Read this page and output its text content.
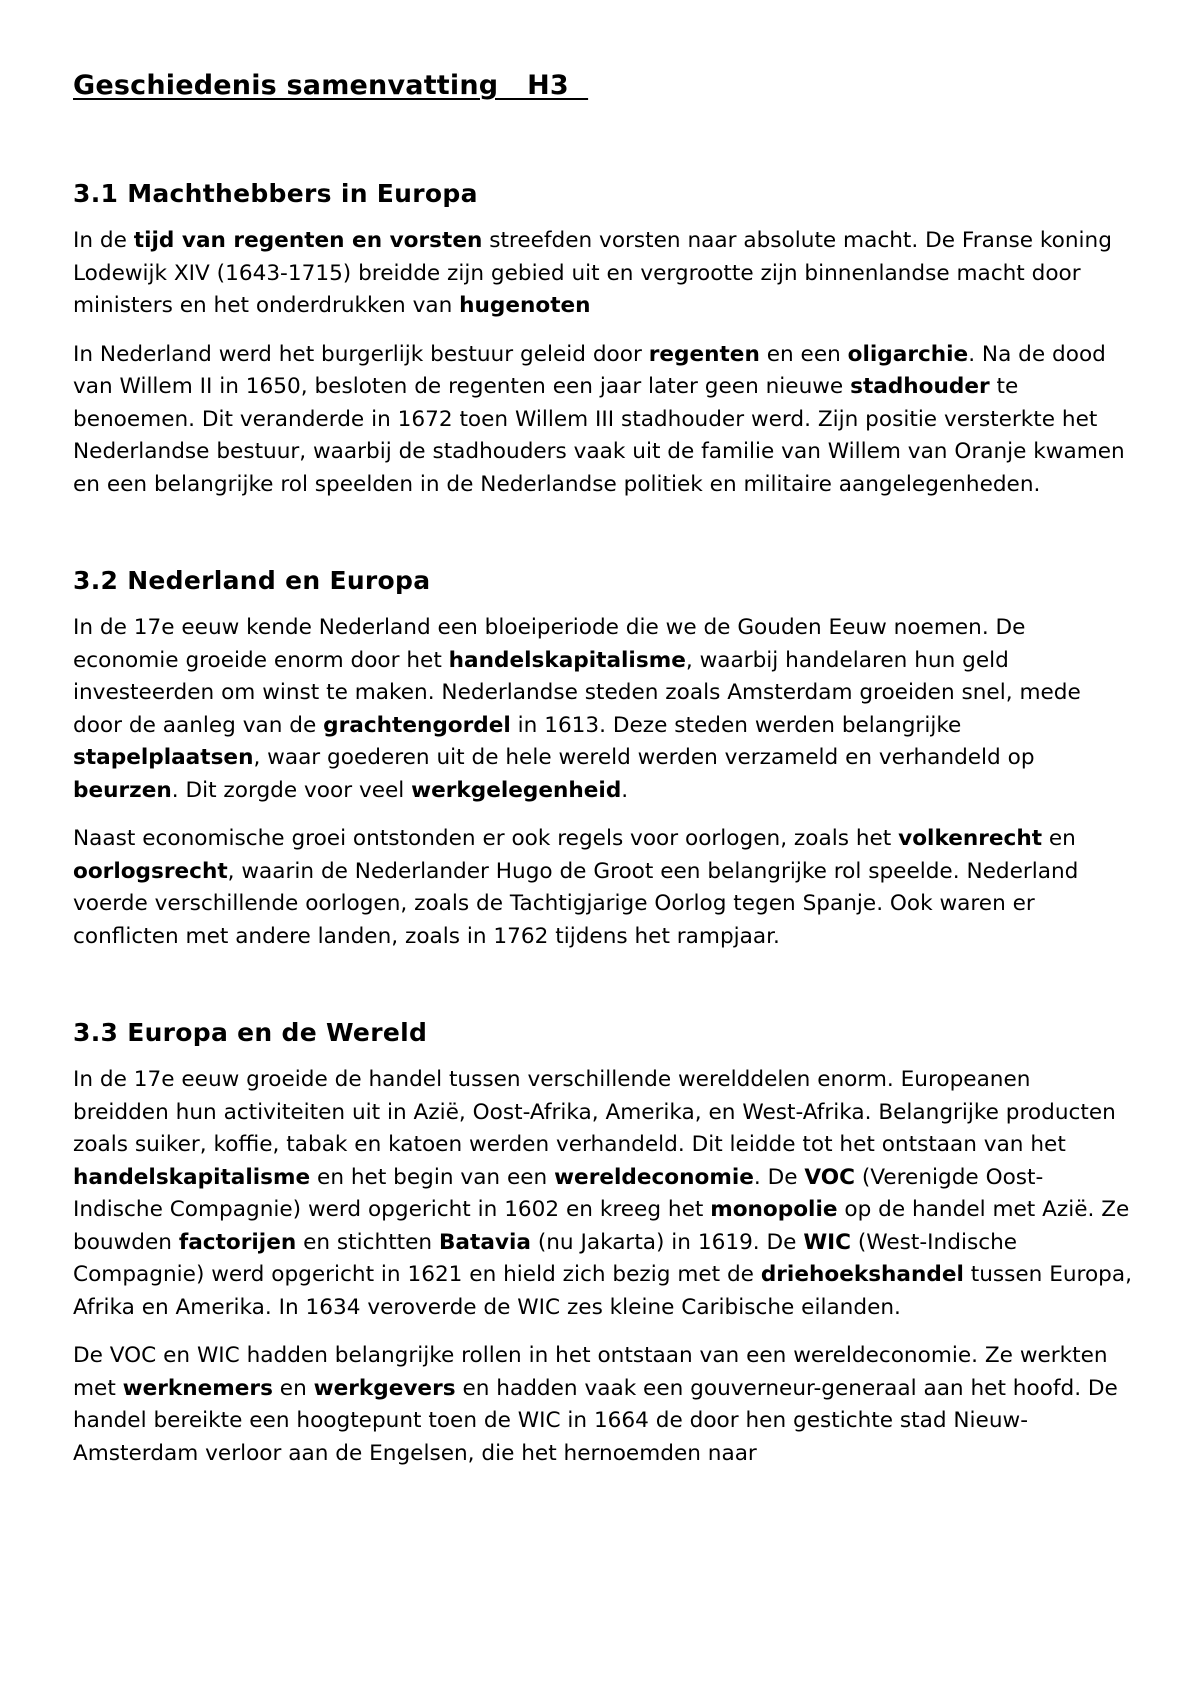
Geschiedenis samenvatting   H3
3.1 Machthebbers in Europa

In de tijd van regenten en vorsten streefden vorsten naar absolute macht. De Franse koning Lodewijk XIV (1643-1715) breidde zijn gebied uit en vergrootte zijn binnenlandse macht door ministers en het onderdrukken van hugenoten

In Nederland werd het burgerlijk bestuur geleid door regenten en een oligarchie. Na de dood van Willem II in 1650, besloten de regenten een jaar later geen nieuwe stadhouder te benoemen. Dit veranderde in 1672 toen Willem III stadhouder werd. Zijn positie versterkte het Nederlandse bestuur, waarbij de stadhouders vaak uit de familie van Willem van Oranje kwamen en een belangrijke rol speelden in de Nederlandse politiek en militaire aangelegenheden.

3.2 Nederland en Europa

In de 17e eeuw kende Nederland een bloeiperiode die we de Gouden Eeuw noemen. De economie groeide enorm door het handelskapitalisme, waarbij handelaren hun geld investeerden om winst te maken. Nederlandse steden zoals Amsterdam groeiden snel, mede door de aanleg van de grachtengordel in 1613. Deze steden werden belangrijke stapelplaatsen, waar goederen uit de hele wereld werden verzameld en verhandeld op beurzen. Dit zorgde voor veel werkgelegenheid.

Naast economische groei ontstonden er ook regels voor oorlogen, zoals het volkenrecht en oorlogsrecht, waarin de Nederlander Hugo de Groot een belangrijke rol speelde. Nederland voerde verschillende oorlogen, zoals de Tachtigjarige Oorlog tegen Spanje. Ook waren er conflicten met andere landen, zoals in 1762 tijdens het rampjaar.

3.3 Europa en de Wereld

In de 17e eeuw groeide de handel tussen verschillende werelddelen enorm. Europeanen breidden hun activiteiten uit in Azië, Oost-Afrika, Amerika, en West-Afrika. Belangrijke producten zoals suiker, koffie, tabak en katoen werden verhandeld. Dit leidde tot het ontstaan van het handelskapitalisme en het begin van een wereldeconomie. De VOC (Verenigde Oost-Indische Compagnie) werd opgericht in 1602 en kreeg het monopolie op de handel met Azië. Ze bouwden factorijen en stichtten Batavia (nu Jakarta) in 1619. De WIC (West-Indische Compagnie) werd opgericht in 1621 en hield zich bezig met de driehoekshandel tussen Europa, Afrika en Amerika. In 1634 veroverde de WIC zes kleine Caribische eilanden.

De VOC en WIC hadden belangrijke rollen in het ontstaan van een wereldeconomie. Ze werkten met werknemers en werkgevers en hadden vaak een gouverneur-generaal aan het hoofd. De handel bereikte een hoogtepunt toen de WIC in 1664 de door hen gestichte stad Nieuw-Amsterdam verloor aan de Engelsen, die het hernoemden naar
